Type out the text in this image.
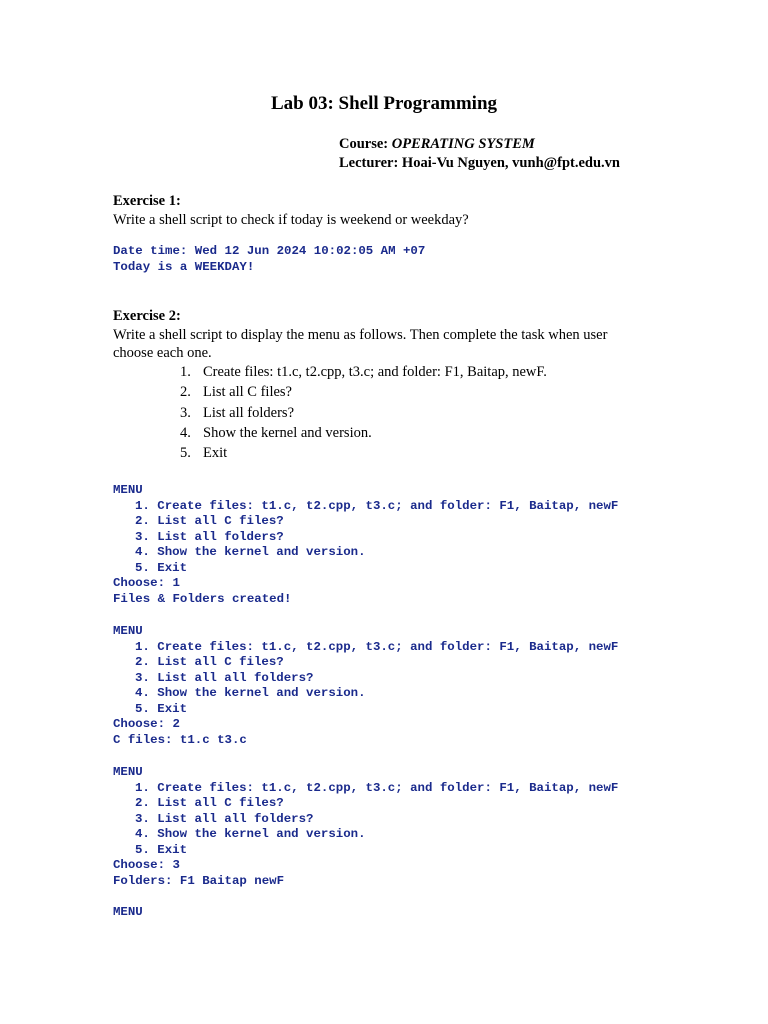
Lab 03: Shell Programming
Course: OPERATING SYSTEM
Lecturer: Hoai-Vu Nguyen, vunh@fpt.edu.vn

Exercise 1:

Write a shell script to check if today is weekend or weekday?

Date time: Wed 12 Jun 2024 10:02:05 AM +07
Today is a WEEKDAY!

Exercise 2:

Write a shell script to display the menu as follows. Then complete the task when user
choose each one.
1. Create files: t1.c, t2.cpp, t3.c; and folder: F1, Baitap, newF.
2. List all C files?
3. List all folders?
4. Show the kernel and version.
5. Exit
MENU
1. Create files: t1.c, t2.cpp, t3.c; and folder: F1, Baitap, newF
2. List all C files?
3. List all folders?
4. Show the kernel and version.
5. Exit
Choose: 1
Files & Folders created!
MENU
1. Create files: t1.c, t2.cpp, t3.c; and folder: F1, Baitap, newF
2. List all C files?
3. List all all folders?
4. Show the kernel and version.
5. Exit
Choose: 2
C files: t1.c t3.c
MENU
1. Create files: t1.c, t2.cpp, t3.c; and folder: F1, Baitap, newF
2. List all C files?
3. List all all folders?
4. Show the kernel and version.
5. Exit
Choose: 3
Folders: F1 Baitap newF
MENU
